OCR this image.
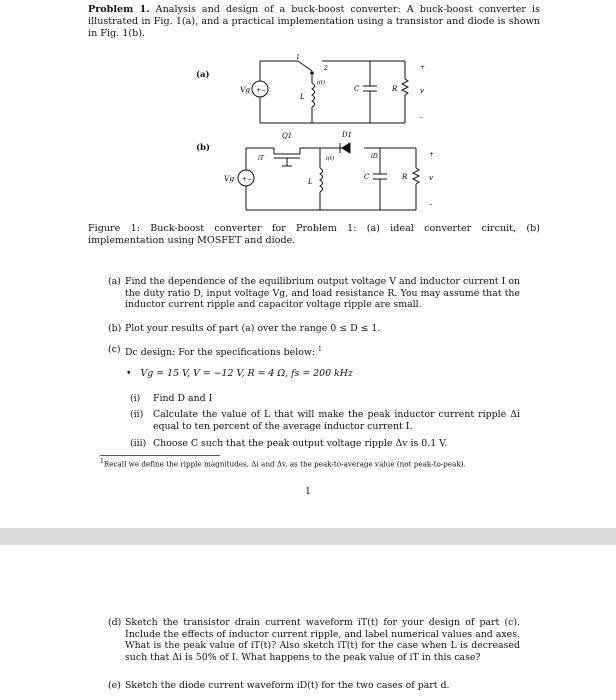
Problem 1. Analysis and design of a buck-boost converter: A buck-boost converter is illustrated in Fig. 1(a), and a practical implementation using a transistor and diode is shown in Fig. 1(b).
(a)
+−
Vg
1
2
i(t)
L
C	R
+
–
v
(b)
+−
Vg
Q1	D1
iT	iD
i(t)
L
C	R
+
–
v
Figure 1: Buck-boost converter for Problem 1: (a) ideal converter circuit, (b) implementation using MOSFET and diode.
(a) Find the dependence of the equilibrium output voltage V and inductor current I on the duty ratio D, input voltage Vg, and load resistance R. You may assume that the inductor current ripple and capacitor voltage ripple are small.
(b) Plot your results of part (a) over the range 0 ≤ D ≤ 1.
(c) Dc design: For the specifications below: $^1$
• Vg = 15 V, V = −12 V, R = 4 Ω, fs = 200 kHz
(i) Find D and I
(ii) Calculate the value of L that will make the peak inductor current ripple Δi equal to ten percent of the average inductor current I.
(iii) Choose C such that the peak output voltage ripple Δv is 0.1 V.
(d) Sketch the transistor drain current waveform iT(t) for your design of part (c). Include the effects of inductor current ripple, and label numerical values and axes. What is the peak value of iT(t)? Also sketch iT(t) for the case when L is decreased such that Δi is 50% of I. What happens to the peak value of iT in this case?
(e) Sketch the diode current waveform iD(t) for the two cases of part d.
$^1$Recall we define the ripple magnitudes, Δi and Δv, as the peak-to-average value (not peak-to-peak).
1
